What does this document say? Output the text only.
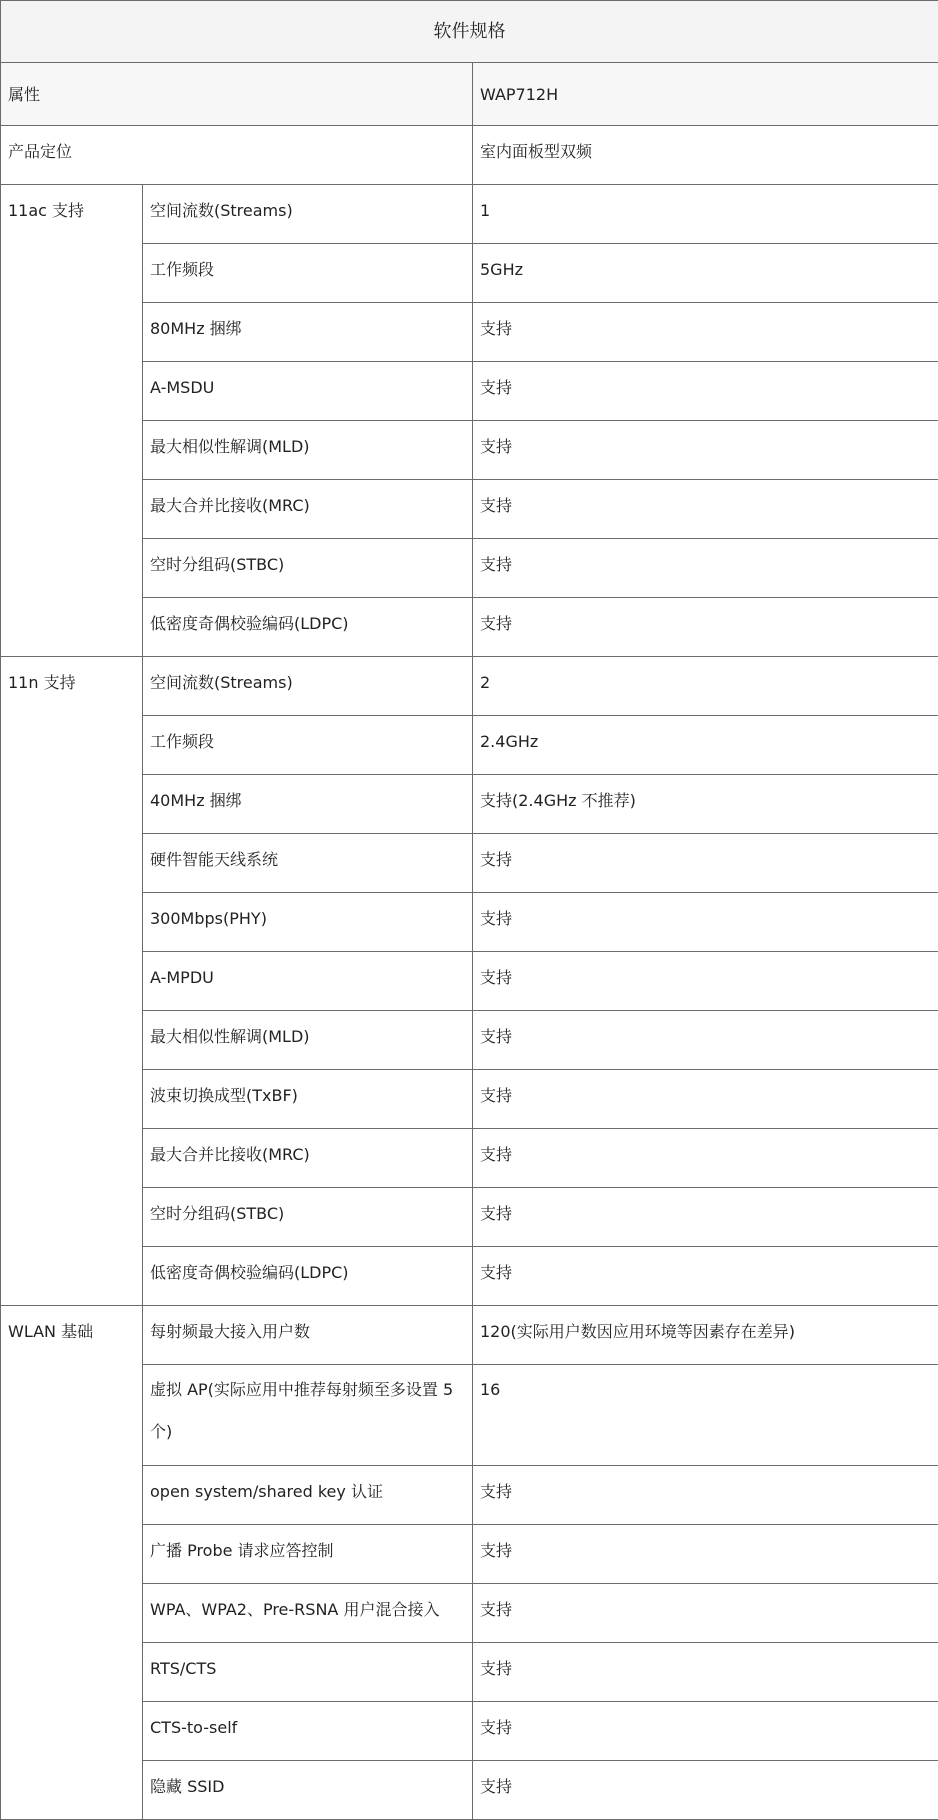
软件规格		
属性		WAP712H
产品定位		室内面板型双频
11ac 支持	空间流数(Streams)	1
	工作频段	5GHz
	80MHz 捆绑	支持
	A-MSDU	支持
	最大相似性解调(MLD)	支持
	最大合并比接收(MRC)	支持
	空时分组码(STBC)	支持
	低密度奇偶校验编码(LDPC)	支持
11n 支持	空间流数(Streams)	2
	工作频段	2.4GHz
	40MHz 捆绑	支持(2.4GHz 不推荐)
	硬件智能天线系统	支持
	300Mbps(PHY)	支持
	A-MPDU	支持
	最大相似性解调(MLD)	支持
	波束切换成型(TxBF)	支持
	最大合并比接收(MRC)	支持
	空时分组码(STBC)	支持
	低密度奇偶校验编码(LDPC)	支持
WLAN 基础	每射频最大接入用户数	120(实际用户数因应用环境等因素存在差异)
	虚拟 AP(实际应用中推荐每射频至多设置 5 个)	16
	open system/shared key 认证	支持
	广播 Probe 请求应答控制	支持
	WPA、WPA2、Pre-RSNA 用户混合接入	支持
	RTS/CTS	支持
	CTS-to-self	支持
	隐藏 SSID	支持
